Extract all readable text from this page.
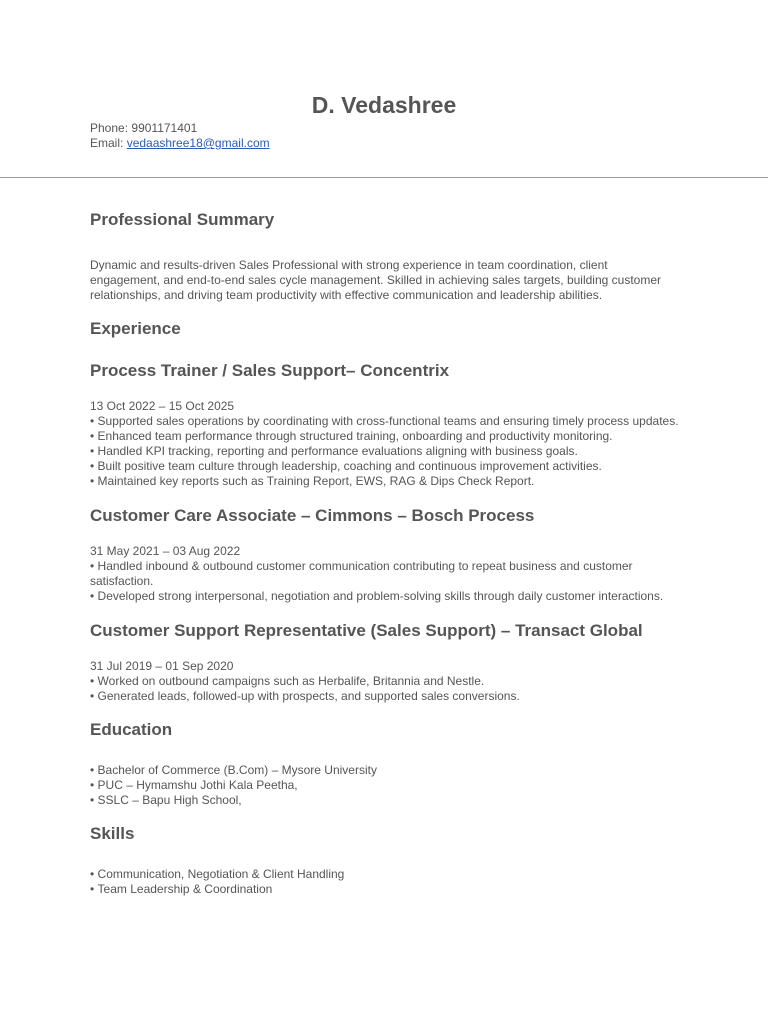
D. Vedashree
Phone: 9901171401
Email: vedaashree18@gmail.com
Professional Summary

Dynamic and results-driven Sales Professional with strong experience in team coordination, client engagement, and end-to-end sales cycle management. Skilled in achieving sales targets, building customer relationships, and driving team productivity with effective communication and leadership abilities.

Experience
Process Trainer / Sales Support– Concentrix

13 Oct 2022 – 15 Oct 2025

• Supported sales operations by coordinating with cross-functional teams and ensuring timely process updates.
• Enhanced team performance through structured training, onboarding and productivity monitoring.
• Handled KPI tracking, reporting and performance evaluations aligning with business goals.
• Built positive team culture through leadership, coaching and continuous improvement activities.
• Maintained key reports such as Training Report, EWS, RAG & Dips Check Report.
Customer Care Associate – Cimmons – Bosch Process

31 May 2021 – 03 Aug 2022

• Handled inbound & outbound customer communication contributing to repeat business and customer satisfaction.
• Developed strong interpersonal, negotiation and problem-solving skills through daily customer interactions.
Customer Support Representative (Sales Support) – Transact Global

31 Jul 2019 – 01 Sep 2020

• Worked on outbound campaigns such as Herbalife, Britannia and Nestle.
• Generated leads, followed-up with prospects, and supported sales conversions.
Education
• Bachelor of Commerce (B.Com) – Mysore University
• PUC – Hymamshu Jothi Kala Peetha,
• SSLC – Bapu High School,
Skills
• Communication, Negotiation & Client Handling
• Team Leadership & Coordination
